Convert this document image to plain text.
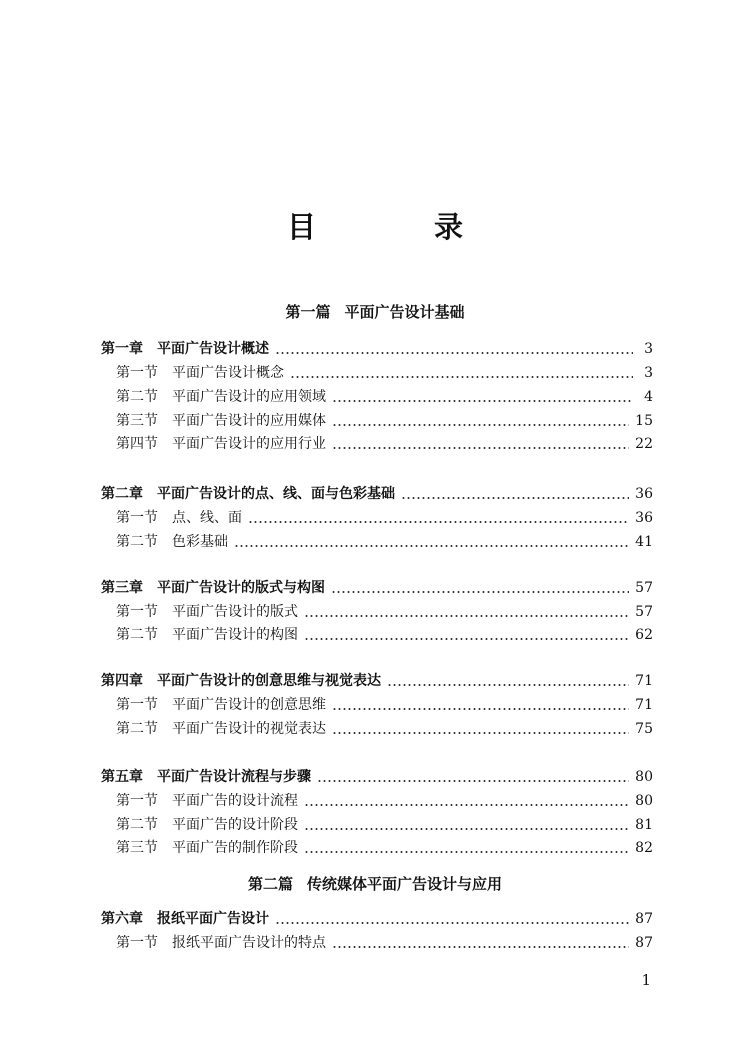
目 录
第一篇 平面广告设计基础
第一章 平面广告设计概述	3
第一节 平面广告设计概念	3
第二节 平面广告设计的应用领域	4
第三节 平面广告设计的应用媒体	15
第四节 平面广告设计的应用行业	22
第二章 平面广告设计的点、线、面与色彩基础	36
第一节 点、线、面	36
第二节 色彩基础	41
第三章 平面广告设计的版式与构图	57
第一节 平面广告设计的版式	57
第二节 平面广告设计的构图	62
第四章 平面广告设计的创意思维与视觉表达	71
第一节 平面广告设计的创意思维	71
第二节 平面广告设计的视觉表达	75
第五章 平面广告设计流程与步骤	80
第一节 平面广告的设计流程	80
第二节 平面广告的设计阶段	81
第三节 平面广告的制作阶段	82
第二篇 传统媒体平面广告设计与应用
第六章 报纸平面广告设计	87
第一节 报纸平面广告设计的特点	87
1
